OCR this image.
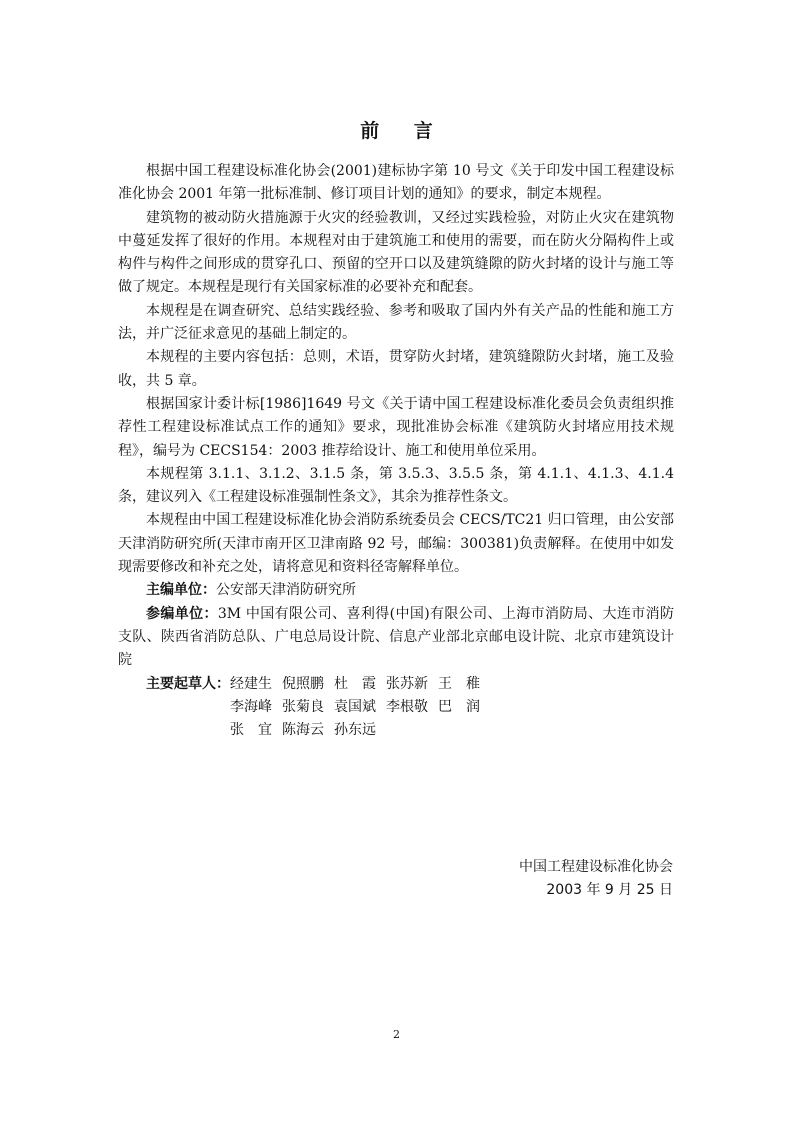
前 言

根据中国工程建设标准化协会(2001)建标协字第 10 号文《关于印发中国工程建设标准化协会 2001 年第一批标准制、修订项目计划的通知》的要求，制定本规程。

建筑物的被动防火措施源于火灾的经验教训，又经过实践检验，对防止火灾在建筑物中蔓延发挥了很好的作用。本规程对由于建筑施工和使用的需要，而在防火分隔构件上或构件与构件之间形成的贯穿孔口、预留的空开口以及建筑缝隙的防火封堵的设计与施工等做了规定。本规程是现行有关国家标准的必要补充和配套。

本规程是在调查研究、总结实践经验、参考和吸取了国内外有关产品的性能和施工方法，并广泛征求意见的基础上制定的。

本规程的主要内容包括：总则，术语，贯穿防火封堵，建筑缝隙防火封堵，施工及验收，共 5 章。

根据国家计委计标[1986]1649 号文《关于请中国工程建设标准化委员会负责组织推荐性工程建设标准试点工作的通知》要求，现批准协会标准《建筑防火封堵应用技术规程》，编号为 CECS154：2003 推荐给设计、施工和使用单位采用。

本规程第 3.1.1、3.1.2、3.1.5 条，第 3.5.3、3.5.5 条，第 4.1.1、4.1.3、4.1.4 条，建议列入《工程建设标准强制性条文》，其余为推荐性条文。

本规程由中国工程建设标准化协会消防系统委员会 CECS/TC21 归口管理，由公安部天津消防研究所(天津市南开区卫津南路 92 号，邮编：300381)负责解释。在使用中如发现需要修改和补充之处，请将意见和资料径寄解释单位。

主编单位：公安部天津消防研究所

参编单位：3M 中国有限公司、喜利得(中国)有限公司、上海市消防局、大连市消防支队、陕西省消防总队、广电总局设计院、信息产业部北京邮电设计院、北京市建筑设计院

主要起草人：经建生 倪照鹏 杜　霞 张苏新 王　稚
李海峰 张菊良 袁国斌 李根敬 巴　润
张　宜 陈海云 孙东远
中国工程建设标准化协会
2003 年 9 月 25 日
2
